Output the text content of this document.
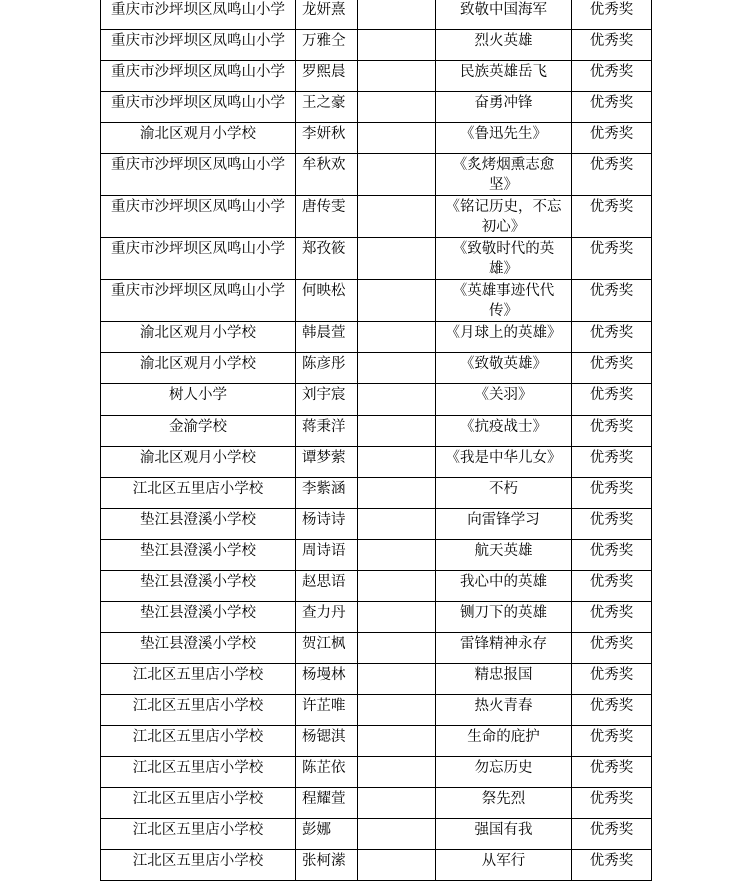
重庆市沙坪坝区凤鸣山小学	龙妍熹		致敬中国海军	优秀奖
重庆市沙坪坝区凤鸣山小学	万雅仝		烈火英雄	优秀奖
重庆市沙坪坝区凤鸣山小学	罗熙晨		民族英雄岳飞	优秀奖
重庆市沙坪坝区凤鸣山小学	王之豪		奋勇冲锋	优秀奖
渝北区观月小学校	李妍秋		《鲁迅先生》	优秀奖
重庆市沙坪坝区凤鸣山小学	牟秋欢		《炙烤烟熏志愈坚》	优秀奖
重庆市沙坪坝区凤鸣山小学	唐传雯		《铭记历史，不忘初心》	优秀奖
重庆市沙坪坝区凤鸣山小学	郑孜筱		《致敬时代的英雄》	优秀奖
重庆市沙坪坝区凤鸣山小学	何映松		《英雄事迹代代传》	优秀奖
渝北区观月小学校	韩晨萱		《月球上的英雄》	优秀奖
渝北区观月小学校	陈彦彤		《致敬英雄》	优秀奖
树人小学	刘宇宸		《关羽》	优秀奖
金渝学校	蒋秉洋		《抗疫战士》	优秀奖
渝北区观月小学校	谭梦萦		《我是中华儿女》	优秀奖
江北区五里店小学校	李紫涵		不朽	优秀奖
垫江县澄溪小学校	杨诗诗		向雷锋学习	优秀奖
垫江县澄溪小学校	周诗语		航天英雄	优秀奖
垫江县澄溪小学校	赵思语		我心中的英雄	优秀奖
垫江县澄溪小学校	查力丹		铡刀下的英雄	优秀奖
垫江县澄溪小学校	贺江枫		雷锋精神永存	优秀奖
江北区五里店小学校	杨墁林		精忠报国	优秀奖
江北区五里店小学校	许芷唯		热火青春	优秀奖
江北区五里店小学校	杨锶淇		生命的庇护	优秀奖
江北区五里店小学校	陈芷依		勿忘历史	优秀奖
江北区五里店小学校	程耀萱		祭先烈	优秀奖
江北区五里店小学校	彭娜		强国有我	优秀奖
江北区五里店小学校	张柯潆		从军行	优秀奖
